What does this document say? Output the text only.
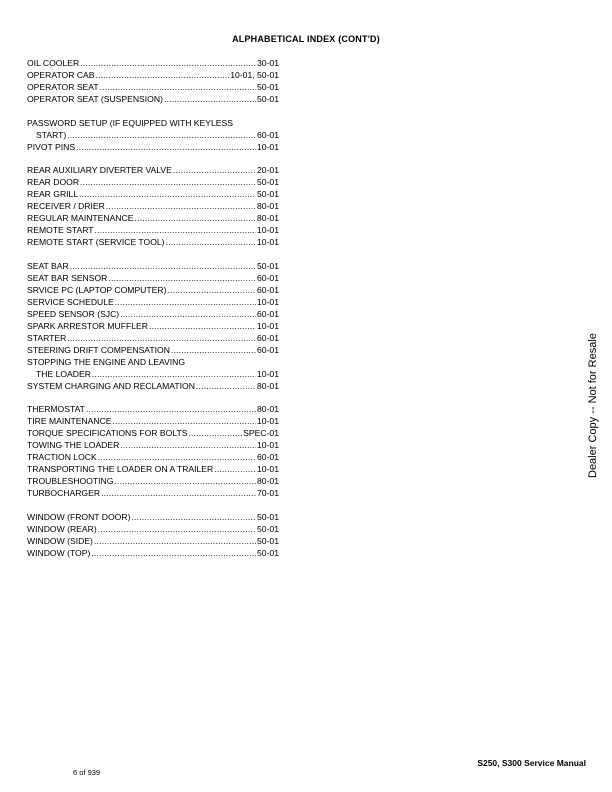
ALPHABETICAL INDEX (CONT'D)
OIL COOLER .....	30-01
OPERATOR CAB .....	10-01, 50-01
OPERATOR SEAT .....	50-01
OPERATOR SEAT (SUSPENSION) .....	50-01
PASSWORD SETUP (IF EQUIPPED WITH KEYLESS
START) .....	60-01
PIVOT PINS .....	10-01
REAR AUXILIARY DIVERTER VALVE .....	20-01
REAR DOOR .....	50-01
REAR GRILL .....	50-01
RECEIVER / DRIER .....	80-01
REGULAR MAINTENANCE .....	80-01
REMOTE START .....	10-01
REMOTE START (SERVICE TOOL) .....	10-01
SEAT BAR .....	50-01
SEAT BAR SENSOR .....	60-01
SRVICE PC (LAPTOP COMPUTER) .....	60-01
SERVICE SCHEDULE .....	10-01
SPEED SENSOR (SJC) .....	60-01
SPARK ARRESTOR MUFFLER .....	10-01
STARTER .....	60-01
STEERING DRIFT COMPENSATION .....	60-01
STOPPING THE ENGINE AND LEAVING
THE LOADER .....	10-01
SYSTEM CHARGING AND RECLAMATION .....	80-01
THERMOSTAT .....	80-01
TIRE MAINTENANCE .....	10-01
TORQUE SPECIFICATIONS FOR BOLTS .....	SPEC-01
TOWING THE LOADER .....	10-01
TRACTION LOCK .....	60-01
TRANSPORTING THE LOADER ON A TRAILER .....	10-01
TROUBLESHOOTING .....	80-01
TURBOCHARGER .....	70-01
WINDOW (FRONT DOOR) .....	50-01
WINDOW (REAR) .....	50-01
WINDOW (SIDE) .....	50-01
WINDOW (TOP) .....	50-01
Dealer Copy -- Not for Resale
S250, S300 Service Manual
6 of 939
